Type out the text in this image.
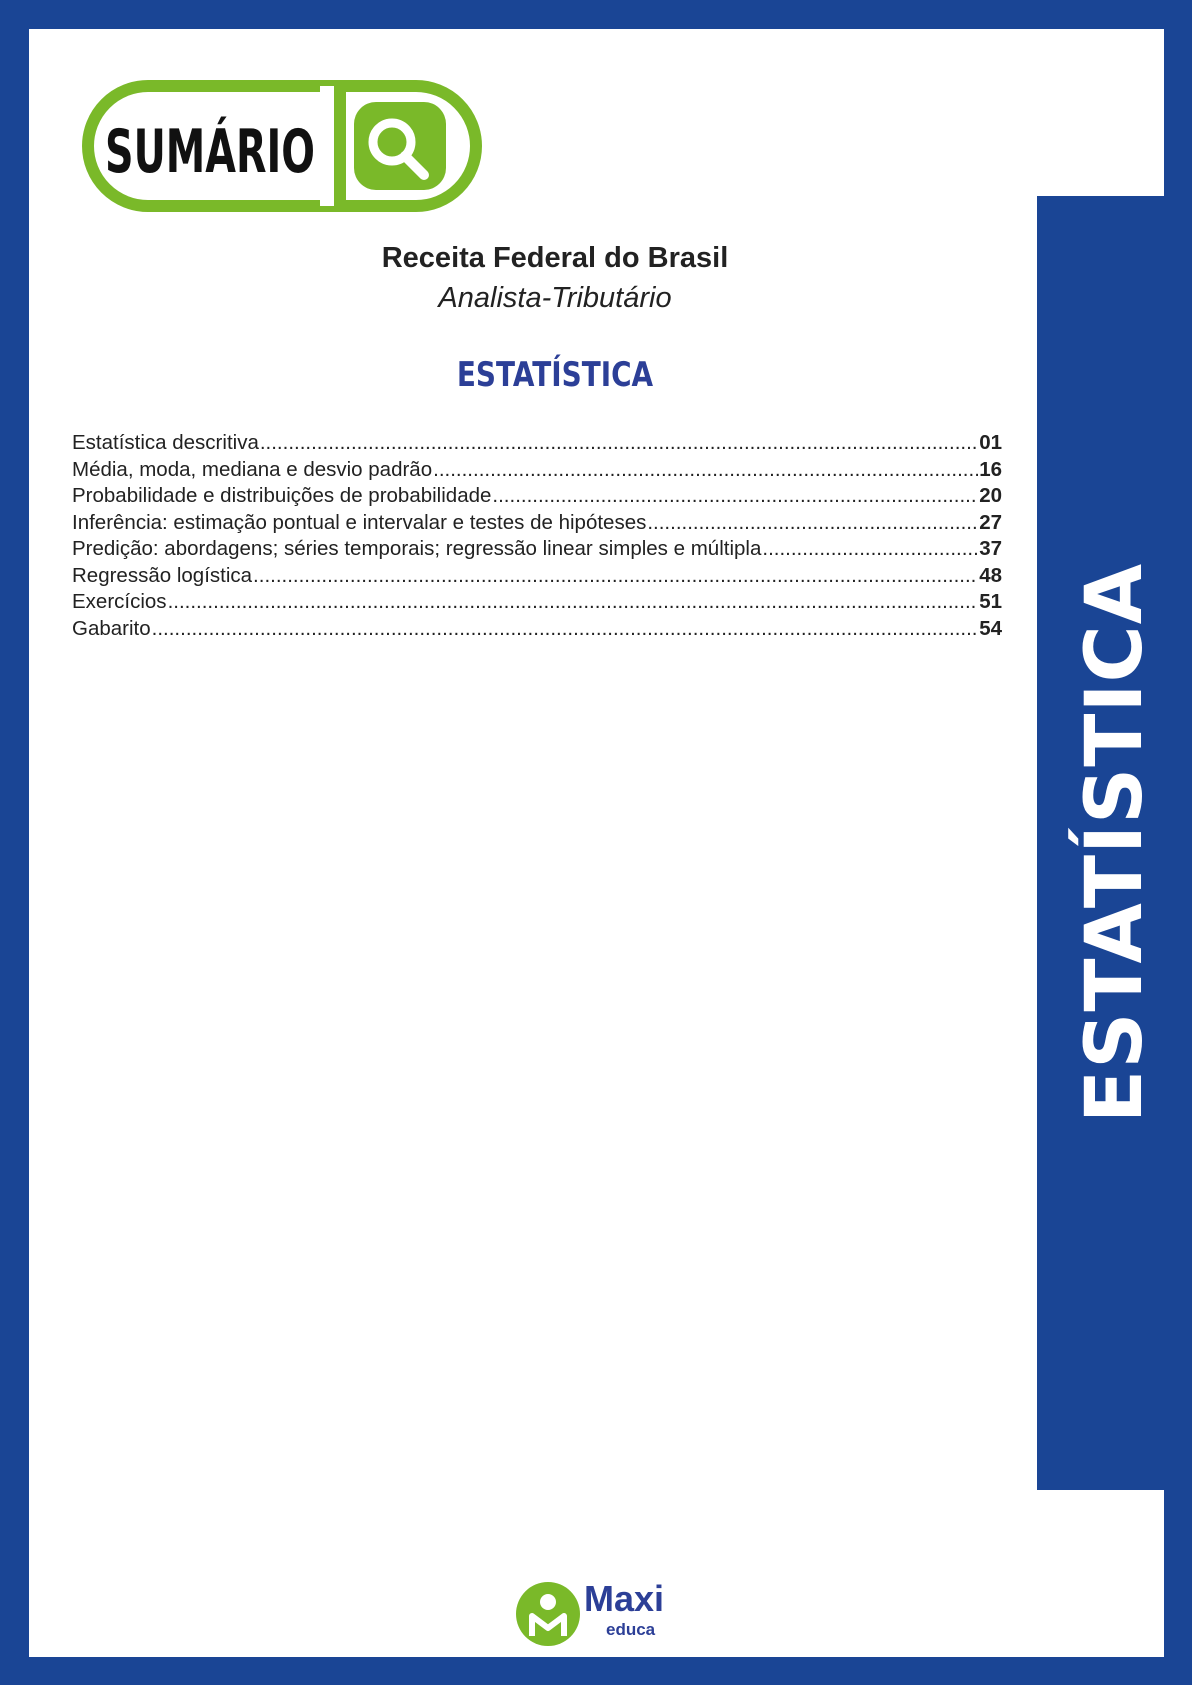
ESTATÍSTICA
SUMÁRIO
Receita Federal do Brasil
Analista-Tributário
ESTATÍSTICA
Estatística descritiva .....	01
Média, moda, mediana e desvio padrão .....	16
Probabilidade e distribuições de probabilidade .....	20
Inferência: estimação pontual e intervalar e testes de hipóteses .....	27
Predição: abordagens; séries temporais; regressão linear simples e múltipla .....	37
Regressão logística .....	48
Exercícios .....	51
Gabarito .....	54
Maxi
educa
